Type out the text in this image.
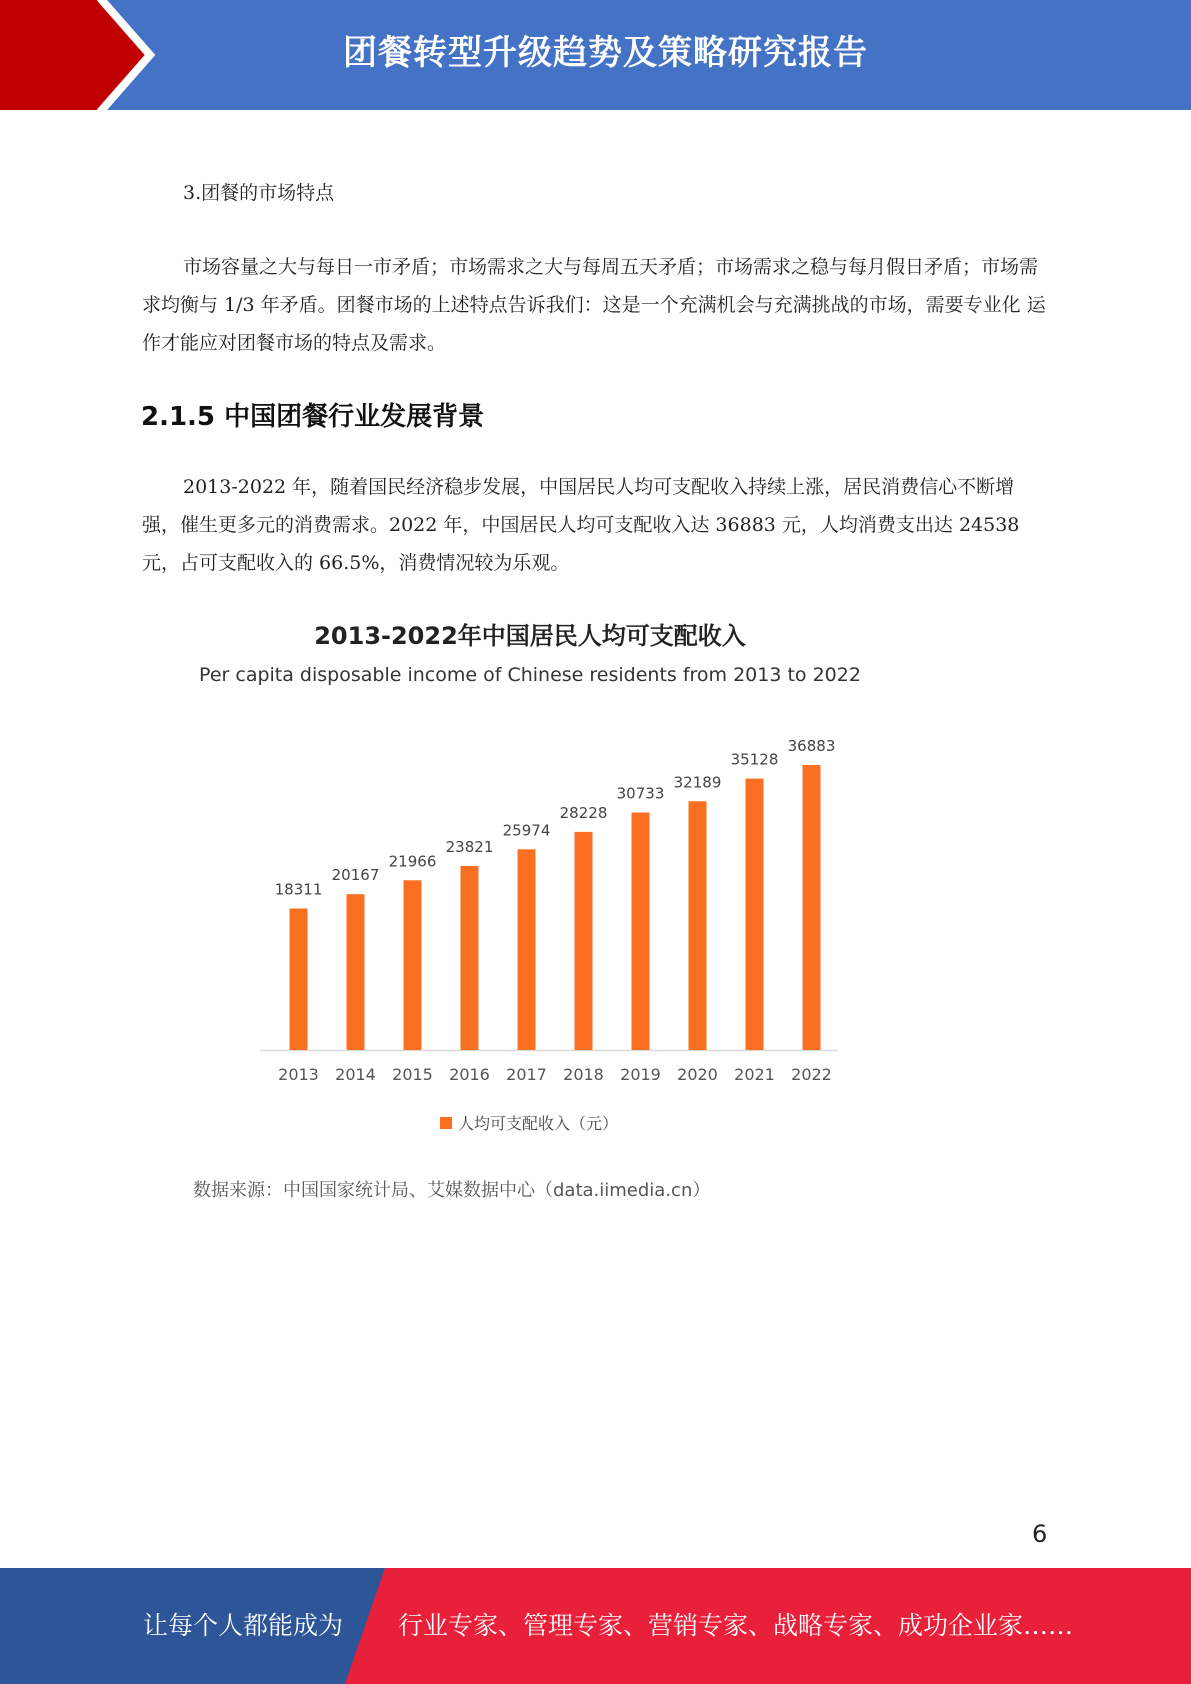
团餐转型升级趋势及策略研究报告
3.团餐的市场特点

市场容量之大与每日一市矛盾；市场需求之大与每周五天矛盾；市场需求之稳与每月假日矛盾；市场需求均衡与 1/3 年矛盾。团餐市场的上述特点告诉我们：这是一个充满机会与充满挑战的市场，需要专业化 运作才能应对团餐市场的特点及需求。

2.1.5 中国团餐行业发展背景

2013-2022 年，随着国民经济稳步发展，中国居民人均可支配收入持续上涨，居民消费信心不断增强，催生更多元的消费需求。2022 年，中国居民人均可支配收入达 36883 元，人均消费支出达 24538 元，占可支配收入的 66.5%，消费情况较为乐观。

2013-2022年中国居民人均可支配收入
Per capita disposable income of Chinese residents from 2013 to 2022
18311
2013
20167
2014
21966
2015
23821
2016
25974
2017
28228
2018
30733
2019
32189
2020
35128
2021
36883
2022
人均可支配收入（元）
数据来源：中国国家统计局、艾媒数据中心（data.iimedia.cn）
6
让每个人都能成为 行业专家、管理专家、营销专家、战略专家、成功企业家……
